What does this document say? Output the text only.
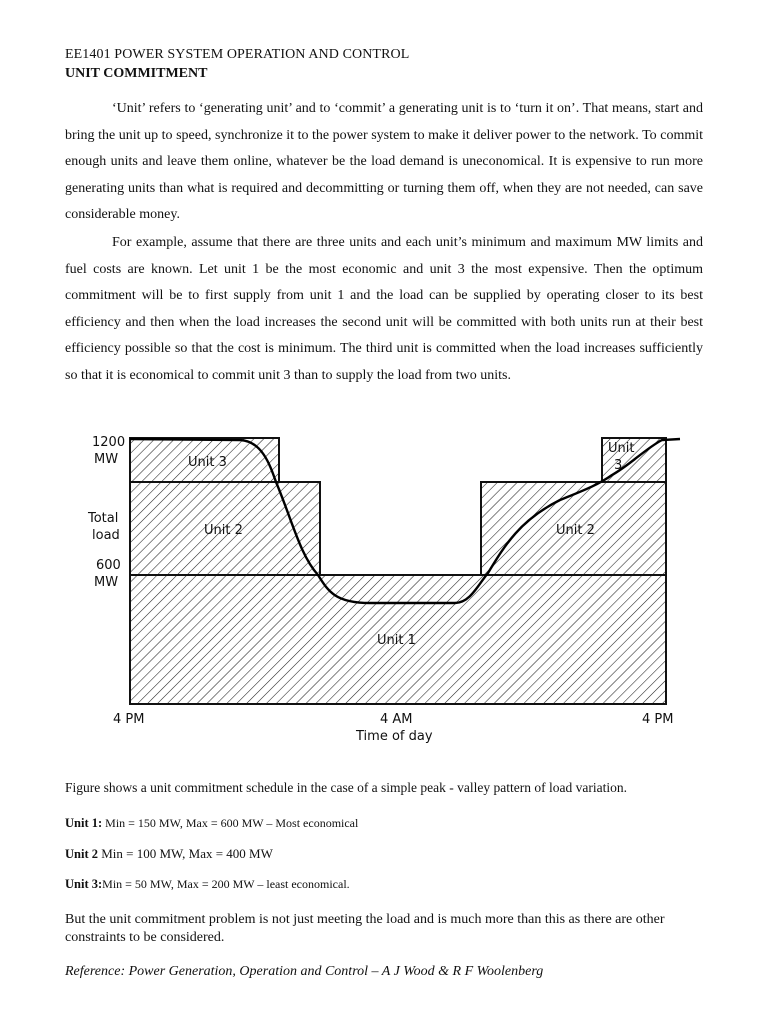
EE1401 POWER SYSTEM OPERATION AND CONTROL
UNIT COMMITMENT

‘Unit’ refers to ‘generating unit’ and to ‘commit’ a generating unit is to ‘turn it on’. That means, start and bring the unit up to speed, synchronize it to the power system to make it deliver power to the network. To commit enough units and leave them online, whatever be the load demand is uneconomical. It is expensive to run more generating units than what is required and decommitting or turning them off, when they are not needed, can save considerable money.

For example, assume that there are three units and each unit’s minimum and maximum MW limits and fuel costs are known. Let unit 1 be the most economic and unit 3 the most expensive. Then the optimum commitment will be to first supply from unit 1 and the load can be supplied by operating closer to its best efficiency and then when the load increases the second unit will be committed with both units run at their best efficiency possible so that the cost is minimum. The third unit is committed when the load increases sufficiently so that it is economical to commit unit 3 than to supply the load from two units.

Unit 3
Unit 2	Unit 2
Unit 1
Unit
3
1200
MW
Total
load
600
MW
4 PM	4 AM	4 PM
Time of day

Figure shows a unit commitment schedule in the case of a simple peak - valley pattern of load variation.

Unit 1: Min = 150 MW, Max = 600 MW – Most economical

Unit 2 Min = 100 MW, Max = 400 MW

Unit 3:Min = 50 MW, Max = 200 MW – least economical.

But the unit commitment problem is not just meeting the load and is much more than this as there are other constraints to be considered.

Reference: Power Generation, Operation and Control – A J Wood & R F Woolenberg
